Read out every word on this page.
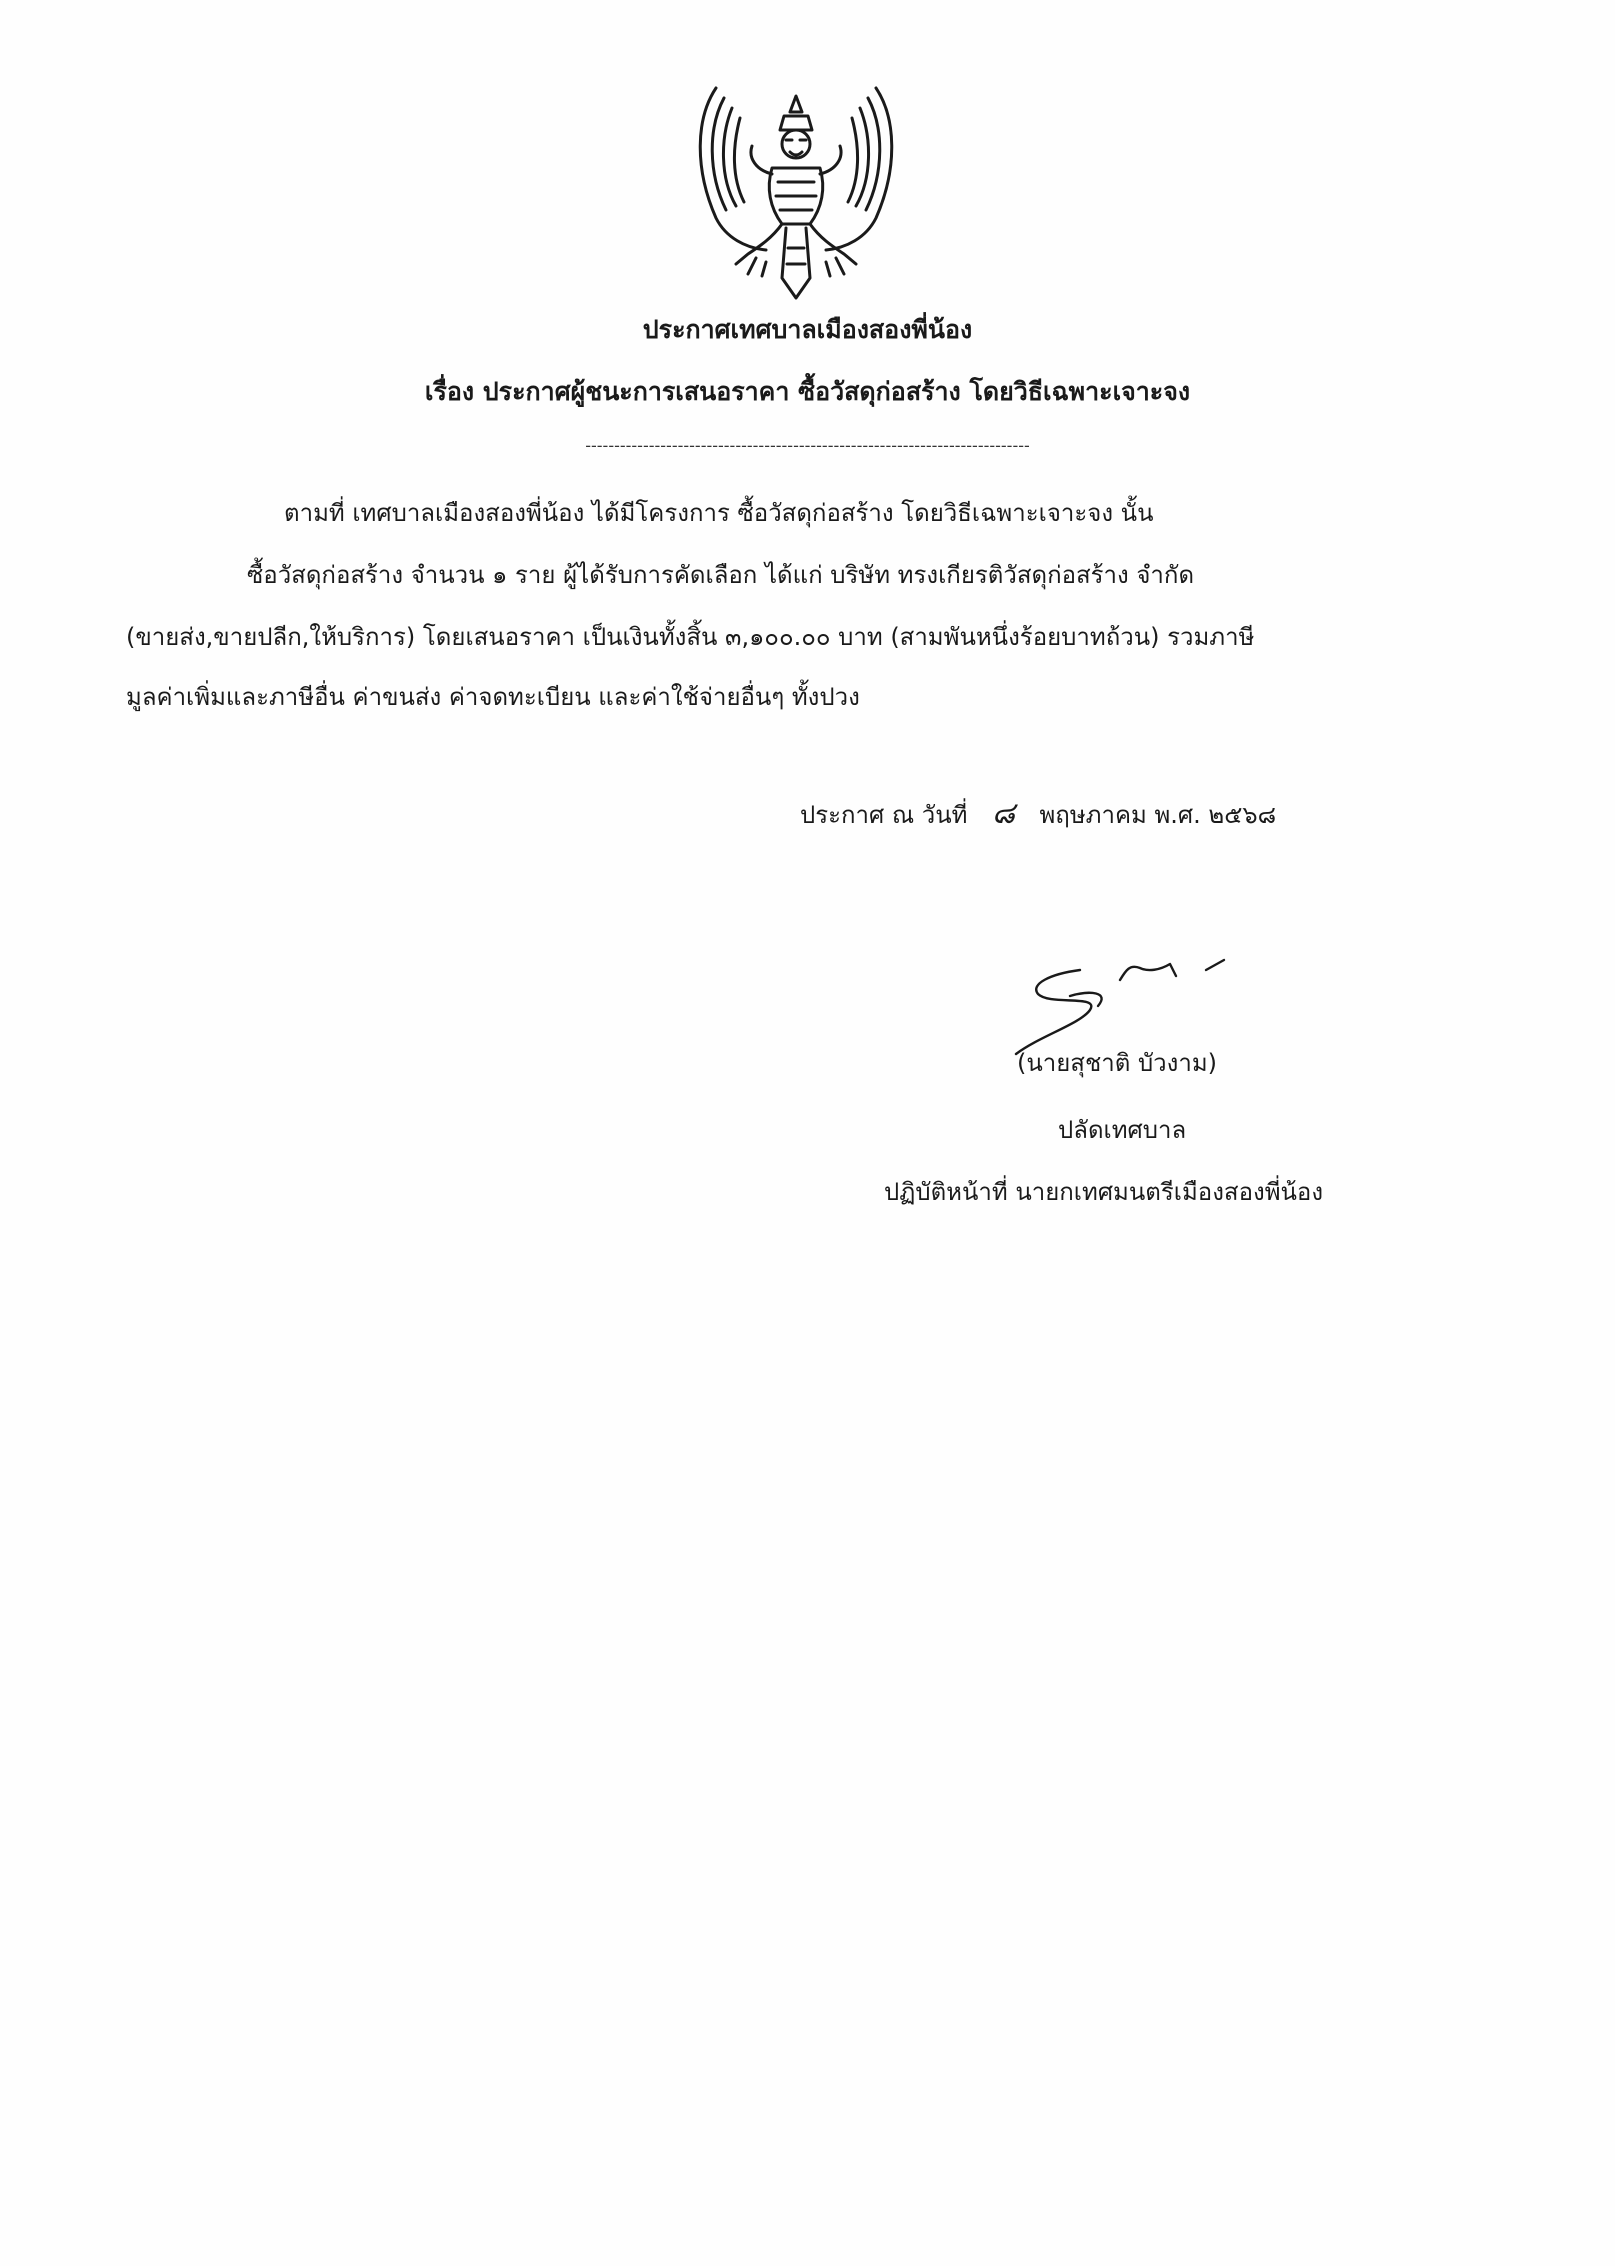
ประกาศเทศบาลเมืองสองพี่น้อง
เรื่อง ประกาศผู้ชนะการเสนอราคา ซื้อวัสดุก่อสร้าง โดยวิธีเฉพาะเจาะจง
-----------------------------------------------------------------------------
ตามที่ เทศบาลเมืองสองพี่น้อง ได้มีโครงการ ซื้อวัสดุก่อสร้าง โดยวิธีเฉพาะเจาะจง นั้น
ซื้อวัสดุก่อสร้าง จำนวน ๑ ราย ผู้ได้รับการคัดเลือก ได้แก่ บริษัท ทรงเกียรติวัสดุก่อสร้าง จำกัด
(ขายส่ง,ขายปลีก,ให้บริการ) โดยเสนอราคา เป็นเงินทั้งสิ้น ๓,๑๐๐.๐๐ บาท (สามพันหนึ่งร้อยบาทถ้วน) รวมภาษี
มูลค่าเพิ่มและภาษีอื่น ค่าขนส่ง ค่าจดทะเบียน และค่าใช้จ่ายอื่นๆ ทั้งปวง
ประกาศ ณ วันที่ ๘ พฤษภาคม พ.ศ. ๒๕๖๘
(นายสุชาติ บัวงาม)
ปลัดเทศบาล
ปฏิบัติหน้าที่ นายกเทศมนตรีเมืองสองพี่น้อง
